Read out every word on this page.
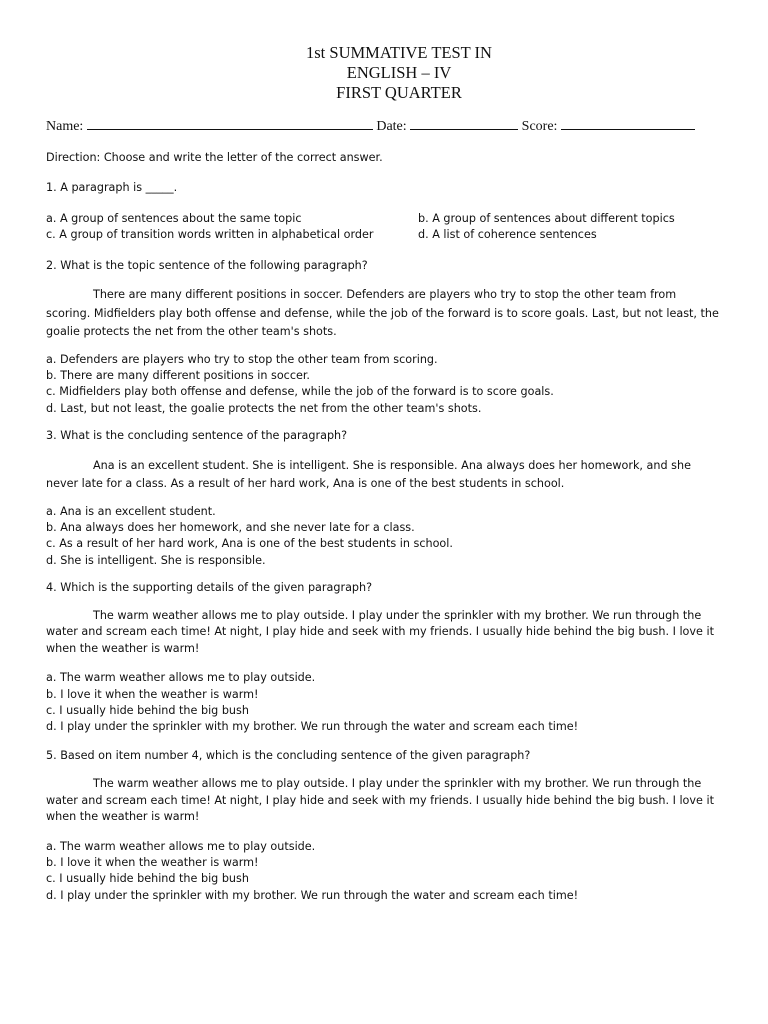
1st SUMMATIVE TEST IN
ENGLISH – IV
FIRST QUARTER
Name:	Date:	Score:
Direction: Choose and write the letter of the correct answer.
1. A paragraph is _____.
a. A group of sentences about the same topic	b. A group of sentences about different topics
c. A group of transition words written in alphabetical order	d. A list of coherence sentences
2. What is the topic sentence of the following paragraph?
There are many different positions in soccer. Defenders are players who try to stop the other team from scoring. Midfielders play both offense and defense, while the job of the forward is to score goals. Last, but not least, the goalie protects the net from the other team's shots.
a. Defenders are players who try to stop the other team from scoring.
b. There are many different positions in soccer.
c. Midfielders play both offense and defense, while the job of the forward is to score goals.
d. Last, but not least, the goalie protects the net from the other team's shots.
3. What is the concluding sentence of the paragraph?
Ana is an excellent student. She is intelligent. She is responsible. Ana always does her homework, and she never late for a class. As a result of her hard work, Ana is one of the best students in school.
a. Ana is an excellent student.
b. Ana always does her homework, and she never late for a class.
c. As a result of her hard work, Ana is one of the best students in school.
d. She is intelligent. She is responsible.
4. Which is the supporting details of the given paragraph?
The warm weather allows me to play outside. I play under the sprinkler with my brother. We run through the water and scream each time! At night, I play hide and seek with my friends. I usually hide behind the big bush. I love it when the weather is warm!
a. The warm weather allows me to play outside.
b. I love it when the weather is warm!
c. I usually hide behind the big bush
d. I play under the sprinkler with my brother. We run through the water and scream each time!
5. Based on item number 4, which is the concluding sentence of the given paragraph?
The warm weather allows me to play outside. I play under the sprinkler with my brother. We run through the water and scream each time! At night, I play hide and seek with my friends. I usually hide behind the big bush. I love it when the weather is warm!
a. The warm weather allows me to play outside.
b. I love it when the weather is warm!
c. I usually hide behind the big bush
d. I play under the sprinkler with my brother. We run through the water and scream each time!
